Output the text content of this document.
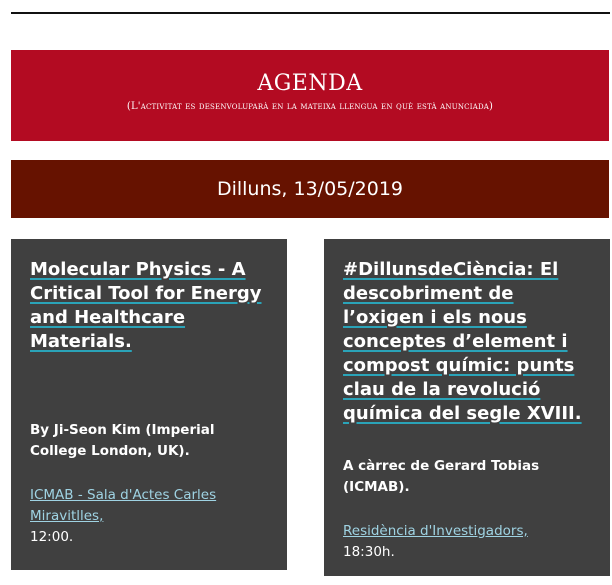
AGENDA
(L'activitat es desenvoluparà en la mateixa llengua en què està anunciada)
Dilluns, 13/05/2019
Molecular Physics - A Critical Tool for Energy and Healthcare Materials.
By Ji-Seon Kim (Imperial College London, UK).
ICMAB - Sala d'Actes Carles Miravitlles,
12:00.
#DillunsdeCiència: El descobriment de l’oxigen i els nous conceptes d’element i compost químic: punts clau de la revolució química del segle XVIII.
A càrrec de Gerard Tobias (ICMAB).
Residència d'Investigadors,
18:30h.
